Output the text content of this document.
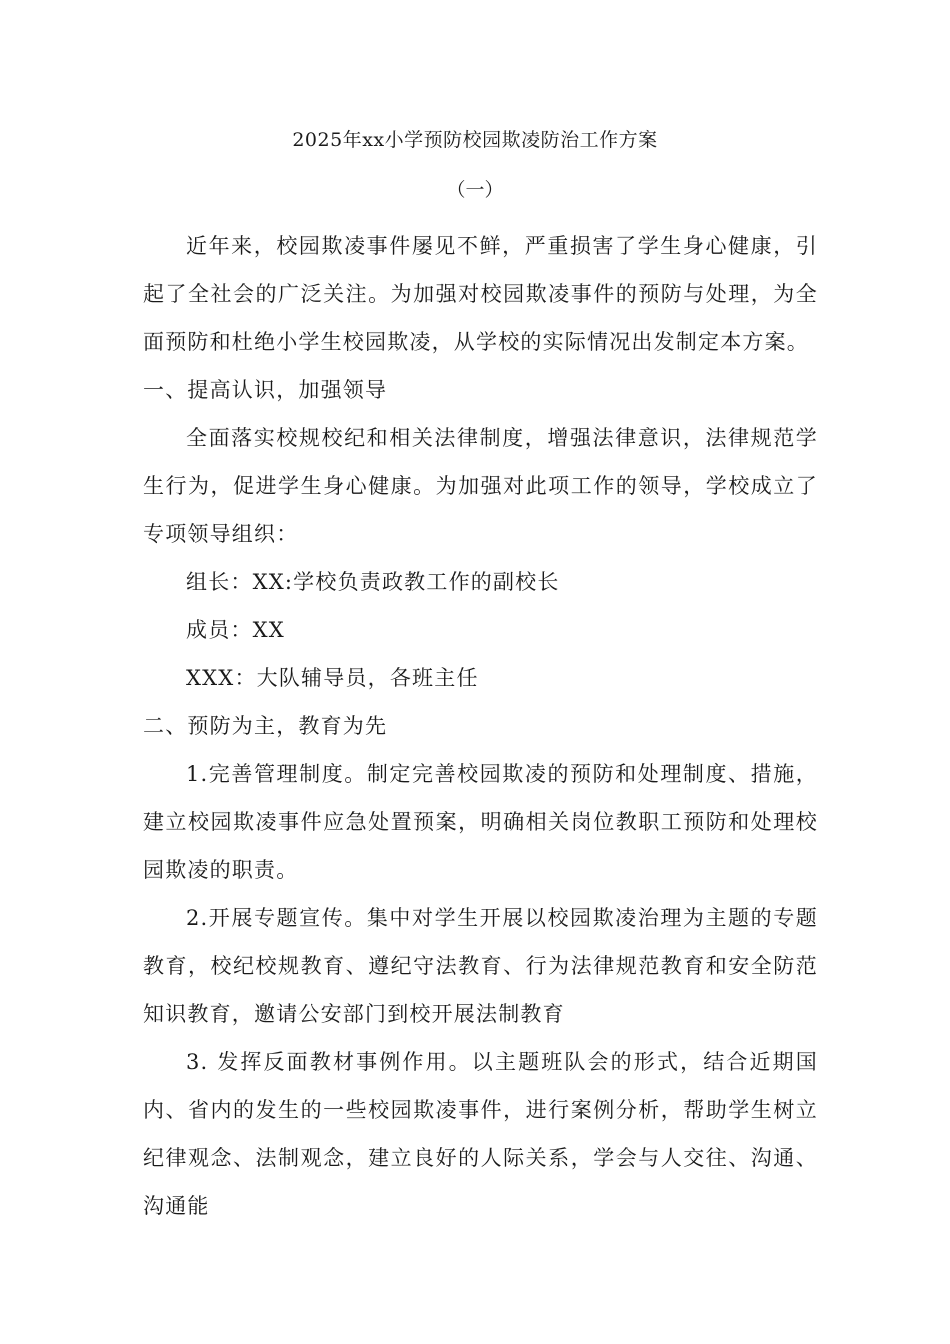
2025年xx小学预防校园欺凌防治工作方案
（一）

近年来，校园欺凌事件屡见不鲜，严重损害了学生身心健康，引起了全社会的广泛关注。为加强对校园欺凌事件的预防与处理，为全面预防和杜绝小学生校园欺凌，从学校的实际情况出发制定本方案。

一、提高认识，加强领导

全面落实校规校纪和相关法律制度，增强法律意识，法律规范学生行为，促进学生身心健康。为加强对此项工作的领导，学校成立了专项领导组织：

组长：XX:学校负责政教工作的副校长

成员：XX

XXX：大队辅导员，各班主任

二、预防为主，教育为先

1.完善管理制度。制定完善校园欺凌的预防和处理制度、措施，建立校园欺凌事件应急处置预案，明确相关岗位教职工预防和处理校园欺凌的职责。

2.开展专题宣传。集中对学生开展以校园欺凌治理为主题的专题教育，校纪校规教育、遵纪守法教育、行为法律规范教育和安全防范知识教育，邀请公安部门到校开展法制教育

3. 发挥反面教材事例作用。以主题班队会的形式，结合近期国内、省内的发生的一些校园欺凌事件，进行案例分析，帮助学生树立纪律观念、法制观念，建立良好的人际关系，学会与人交往、沟通、沟通能
